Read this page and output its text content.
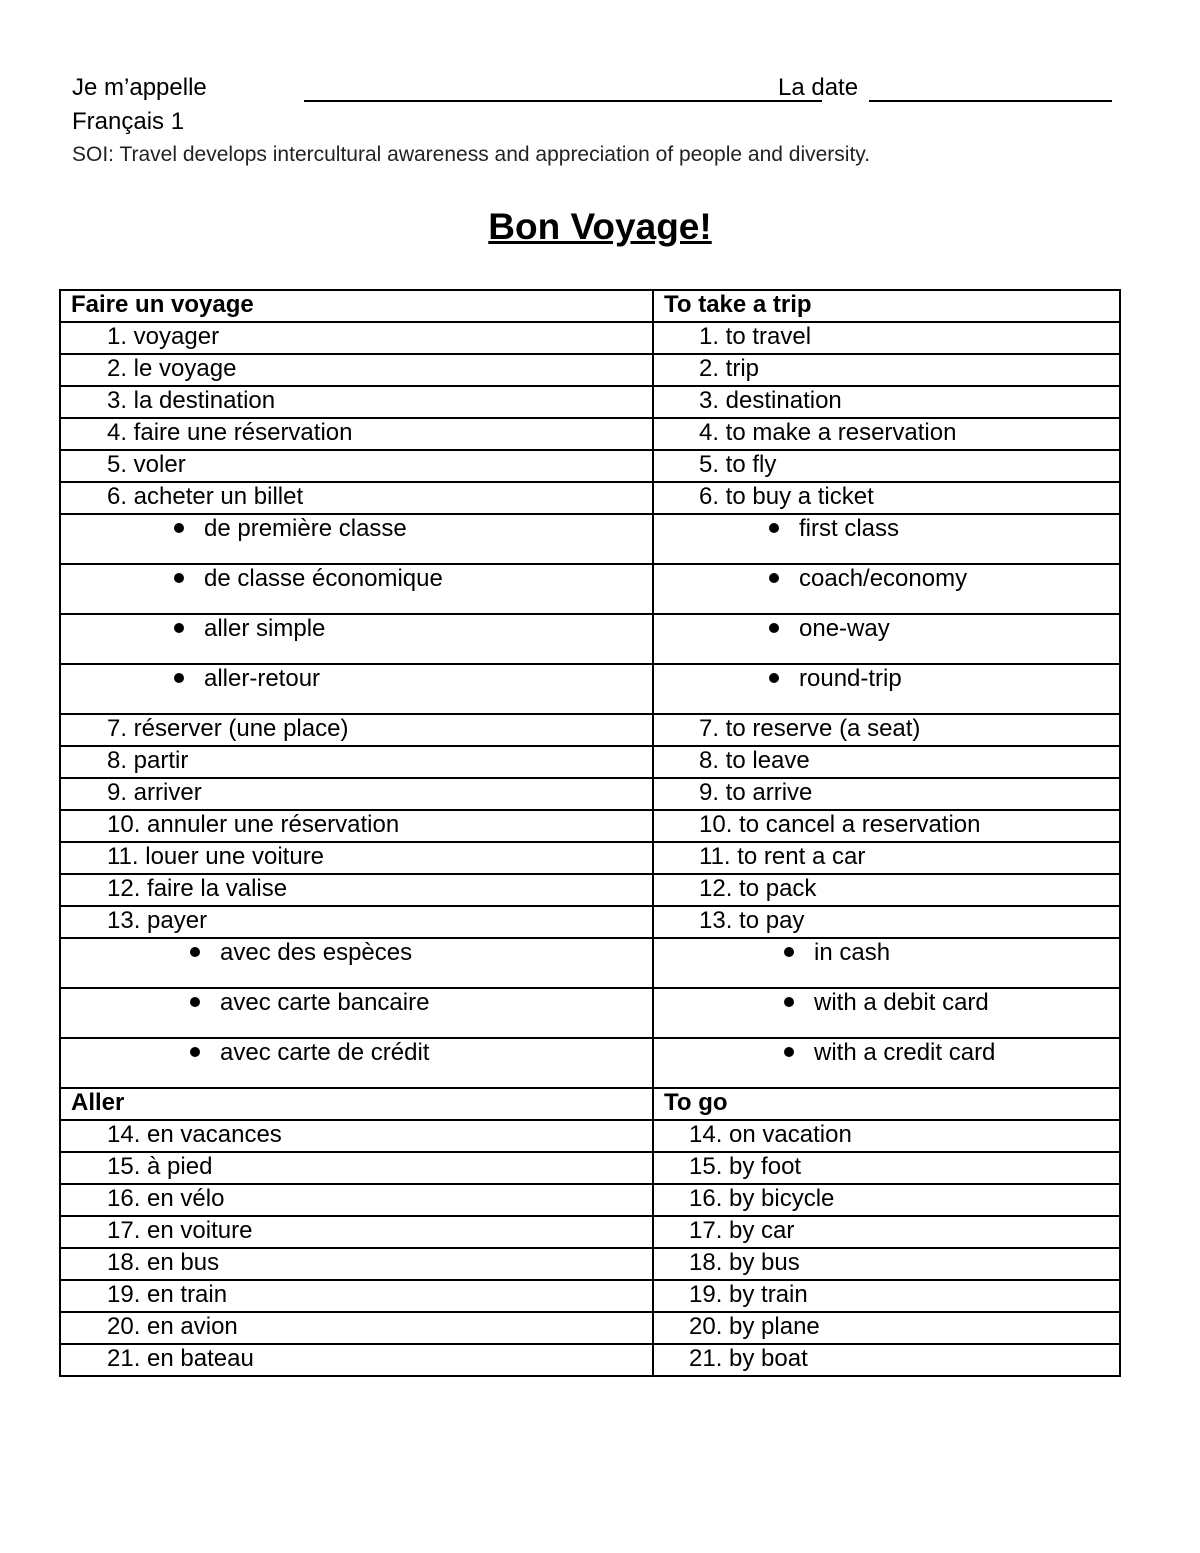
Je m’appelle	La date
Français 1
SOI: Travel develops intercultural awareness and appreciation of people and diversity.
Bon Voyage!
Faire un voyage	To take a trip
1. voyager	1. to travel
2. le voyage	2. trip
3. la destination	3. destination
4. faire une réservation	4. to make a reservation
5. voler	5. to fly
6. acheter un billet	6. to buy a ticket
de première classe	first class
de classe économique	coach/economy
aller simple	one-way
aller-retour	round-trip
7. réserver (une place)	7. to reserve (a seat)
8. partir	8. to leave
9. arriver	9. to arrive
10. annuler une réservation	10. to cancel a reservation
11. louer une voiture	11. to rent a car
12. faire la valise	12. to pack
13. payer	13. to pay
avec des espèces	in cash
avec carte bancaire	with a debit card
avec carte de crédit	with a credit card
Aller	To go
14. en vacances	14. on vacation
15. à pied	15. by foot
16. en vélo	16. by bicycle
17. en voiture	17. by car
18. en bus	18. by bus
19. en train	19. by train
20. en avion	20. by plane
21. en bateau	21. by boat
